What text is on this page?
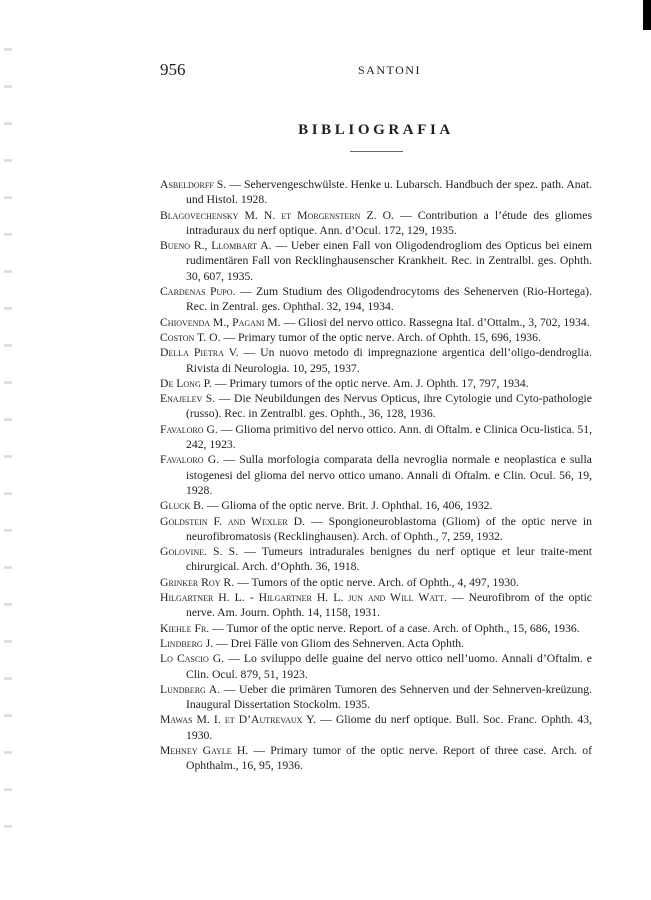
956	SANTONI
BIBLIOGRAFIA
Asbeldorff S. — Sehervengeschwülste. Henke u. Lubarsch. Handbuch der spez. path. Anat. und Histol. 1928.
Blagovechensky M. N. et Morgenstern Z. O. — Contribution a l’étude des gliomes intraduraux du nerf optique. Ann. d’Ocul. 172, 129, 1935.
Bueno R., Llombart A. — Ueber einen Fall von Oligodendrogliom des Opticus bei einem rudimentären Fall von Recklinghausenscher Krankheit. Rec. in Zentralbl. ges. Ophth. 30, 607, 1935.
Cardenas Pupo. — Zum Studium des Oligodendrocytoms des Sehenerven (Rio-Hortega). Rec. in Zentral. ges. Ophthal. 32, 194, 1934.
Chiovenda M., Pagani M. — Gliosi del nervo ottico. Rassegna Ital. d’Ottalm., 3, 702, 1934.
Coston T. O. — Primary tumor of the optic nerve. Arch. of Ophth. 15, 696, 1936.
Della Pietra V. — Un nuovo metodo di impregnazione argentica dell’oligo-dendroglia. Rivista di Neurologia. 10, 295, 1937.
De Long P. — Primary tumors of the optic nerve. Am. J. Ophth. 17, 797, 1934.
Enajelev S. — Die Neubildungen des Nervus Opticus, ihre Cytologie und Cyto-pathologie (russo). Rec. in Zentralbl. ges. Ophth., 36, 128, 1936.
Favaloro G. — Glioma primitivo del nervo ottico. Ann. di Oftalm. e Clinica Ocu-listica. 51, 242, 1923.
Favaloro G. — Sulla morfologia comparata della nevroglia normale e neoplastica e sulla istogenesi del glioma del nervo ottico umano. Annali di Oftalm. e Clin. Ocul. 56, 19, 1928.
Gluck B. — Glioma of the optic nerve. Brit. J. Ophthal. 16, 406, 1932.
Goldstein F. and Wexler D. — Spongioneuroblastoma (Gliom) of the optic nerve in neurofibromatosis (Recklinghausen). Arch. of Ophth., 7, 259, 1932.
Golovine. S. S. — Tumeurs intradurales benignes du nerf optique et leur traite-ment chirurgical. Arch. d’Ophth. 36, 1918.
Grinker Roy R. — Tumors of the optic nerve. Arch. of Ophth., 4, 497, 1930.
Hilgartner H. L. - Hilgartner H. L. jun and Will Watt. — Neurofibrom of the optic nerve. Am. Journ. Ophth. 14, 1158, 1931.
Kiehle Fr. — Tumor of the optic nerve. Report. of a case. Arch. of Ophth., 15, 686, 1936.
Lindberg J. — Drei Fälle von Gliom des Sehnerven. Acta Ophth.
Lo Cascio G. — Lo sviluppo delle guaine del nervo ottico nell’uomo. Annali d’Oftalm. e Clin. Ocul. 879, 51, 1923.
Lundberg A. — Ueber die primären Tumoren des Sehnerven und der Sehnerven-kreüzung. Inaugural Dissertation Stockolm. 1935.
Mawas M. I. et D’Autrevaux Y. — Gliome du nerf optique. Bull. Soc. Franc. Ophth. 43, 1930.
Mehney Gayle H. — Primary tumor of the optic nerve. Report of three case. Arch. of Ophthalm., 16, 95, 1936.
